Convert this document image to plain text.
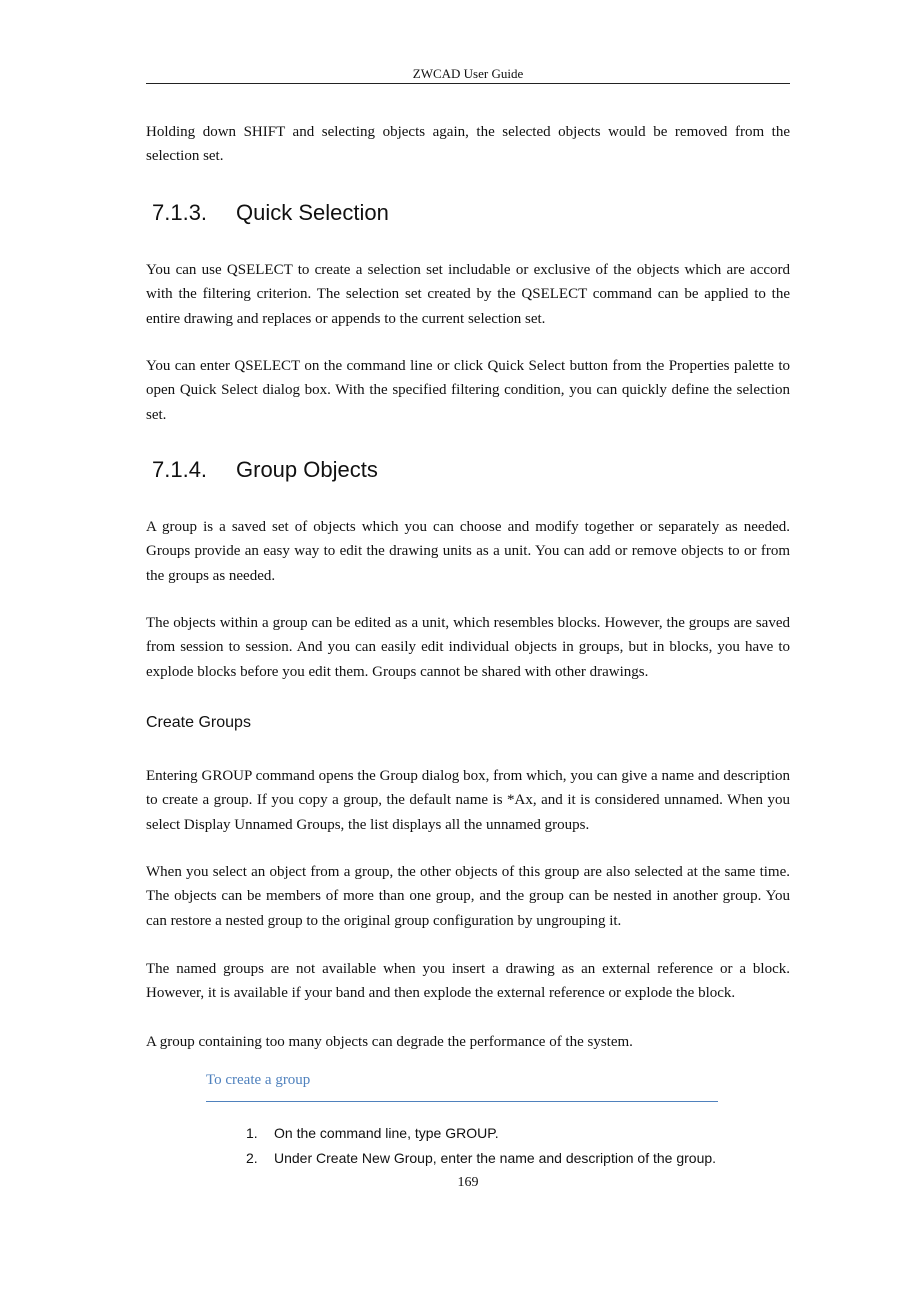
ZWCAD User Guide

Holding down SHIFT and selecting objects again, the selected objects would be removed from the selection set.

7.1.3. Quick Selection

You can use QSELECT to create a selection set includable or exclusive of the objects which are accord with the filtering criterion. The selection set created by the QSELECT command can be applied to the entire drawing and replaces or appends to the current selection set.

You can enter QSELECT on the command line or click Quick Select button from the Properties palette to open Quick Select dialog box. With the specified filtering condition, you can quickly define the selection set.

7.1.4. Group Objects

A group is a saved set of objects which you can choose and modify together or separately as needed. Groups provide an easy way to edit the drawing units as a unit. You can add or remove objects to or from the groups as needed.

The objects within a group can be edited as a unit, which resembles blocks. However, the groups are saved from session to session. And you can easily edit individual objects in groups, but in blocks, you have to explode blocks before you edit them. Groups cannot be shared with other drawings.

Create Groups

Entering GROUP command opens the Group dialog box, from which, you can give a name and description to create a group. If you copy a group, the default name is *Ax, and it is considered unnamed. When you select Display Unnamed Groups, the list displays all the unnamed groups.

When you select an object from a group, the other objects of this group are also selected at the same time. The objects can be members of more than one group, and the group can be nested in another group. You can restore a nested group to the original group configuration by ungrouping it.

The named groups are not available when you insert a drawing as an external reference or a block. However, it is available if your band and then explode the external reference or explode the block.

A group containing too many objects can degrade the performance of the system.

To create a group
1. On the command line, type GROUP.
2. Under Create New Group, enter the name and description of the group.
169
